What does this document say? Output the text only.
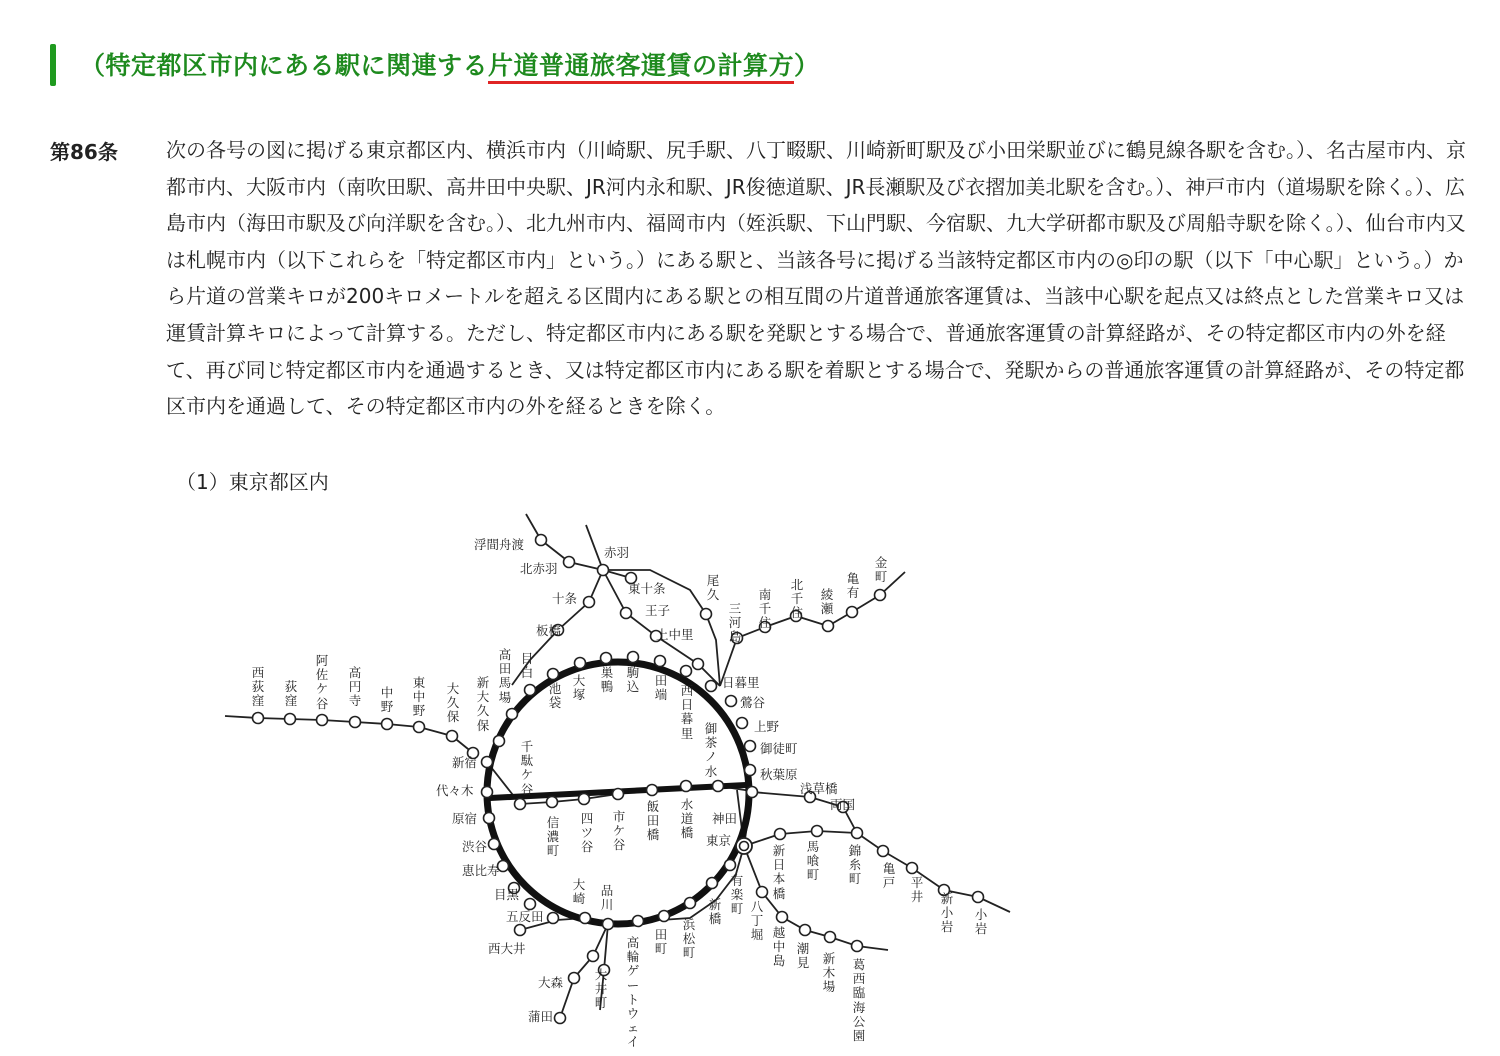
（特定都区市内にある駅に関連する片道普通旅客運賃の計算方）
第86条 次の各号の図に掲げる東京都区内、横浜市内（川崎駅、尻手駅、八丁畷駅、川崎新町駅及び小田栄駅並びに鶴見線各駅を含む。）、名古屋市内、京都市内、大阪市内（南吹田駅、高井田中央駅、JR河内永和駅、JR俊徳道駅、JR長瀬駅及び衣摺加美北駅を含む。）、神戸市内（道場駅を除く。）、広島市内（海田市駅及び向洋駅を含む。）、北九州市内、福岡市内（姪浜駅、下山門駅、今宿駅、九大学研都市駅及び周船寺駅を除く。）、仙台市内又は札幌市内（以下これらを「特定都区市内」という。）にある駅と、当該各号に掲げる当該特定都区市内の◎印の駅（以下「中心駅」という。）から片道の営業キロが200キロメートルを超える区間内にある駅との相互間の片道普通旅客運賃は、当該中心駅を起点又は終点とした営業キロ又は運賃計算キロによって計算する。ただし、特定都区市内にある駅を発駅とする場合で、普通旅客運賃の計算経路が、その特定都区市内の外を経て、再び同じ特定都区市内を通過するとき、又は特定都区市内にある駅を着駅とする場合で、発駅からの普通旅客運賃の計算経路が、その特定都区市内を通過して、その特定都区市内の外を経るときを除く。

（1）東京都区内
浮間舟渡
赤羽
北赤羽
東十条
十条
王子
板橋	上中里
尾久
三河島
南千住
北千住
綾瀬
亀有
金町
西荻窪
荻窪
阿佐ケ谷
高円寺
中野
東中野
大久保
新大久保
高田馬場
目白
池袋
大塚
巣鴨
駒込 田端 西日暮里
日暮里
鶯谷
上野
御徒町
秋葉原
御茶ノ水
千駄ケ谷
信濃町
四ツ谷
市ケ谷
飯田橋
水道橋
神田
東京
浅草橋
両国
錦糸町
亀戸 平井 新小岩
小岩
馬喰町
新日本橋
新宿
代々木
原宿
渋谷
恵比寿
目黒
五反田
大崎
品川
高輪ゲートウェイ
田町
浜松町
新橋
有楽町 八丁堀 越中島
潮見 新木場
葛西臨海公園
西大井
大森
大井町
蒲田
